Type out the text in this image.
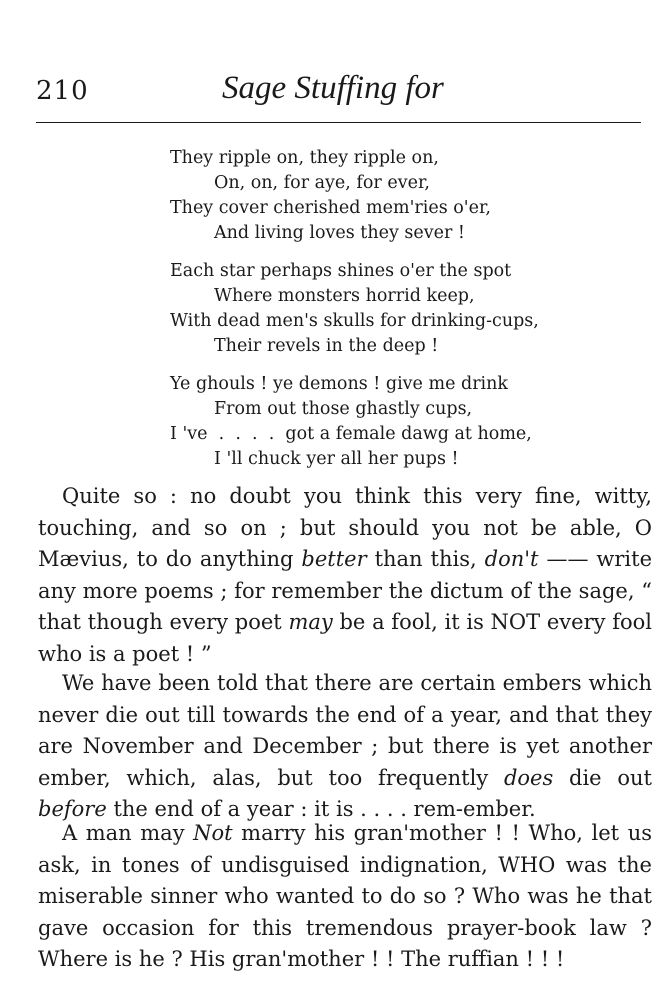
210	Sage Stuffing for
They ripple on, they ripple on,
On, on, for aye, for ever,
They cover cherished mem'ries o'er,
And living loves they sever !
Each star perhaps shines o'er the spot
Where monsters horrid keep,
With dead men's skulls for drinking-cups,
Their revels in the deep !
Ye ghouls ! ye demons ! give me drink
From out those ghastly cups,
I 've  .  .  .  .  got a female dawg at home,
I 'll chuck yer all her pups !

Quite so : no doubt you think this very fine, witty, touching, and so on ; but should you not be able, O Mævius, to do anything better than this, don't —— write any more poems ; for remember the dictum of the sage, “ that though every poet may be a fool, it is NOT every fool who is a poet ! ”

We have been told that there are certain embers which never die out till towards the end of a year, and that they are November and December ; but there is yet another ember, which, alas, but too frequently does die out before the end of a year : it is . . . . rem-ember.

A man may Not marry his gran'mother ! ! Who, let us ask, in tones of undisguised indignation, WHO was the miserable sinner who wanted to do so ? Who was he that gave occasion for this tremendous prayer-book law ? Where is he ? His gran'mother ! ! The ruffian ! ! !
